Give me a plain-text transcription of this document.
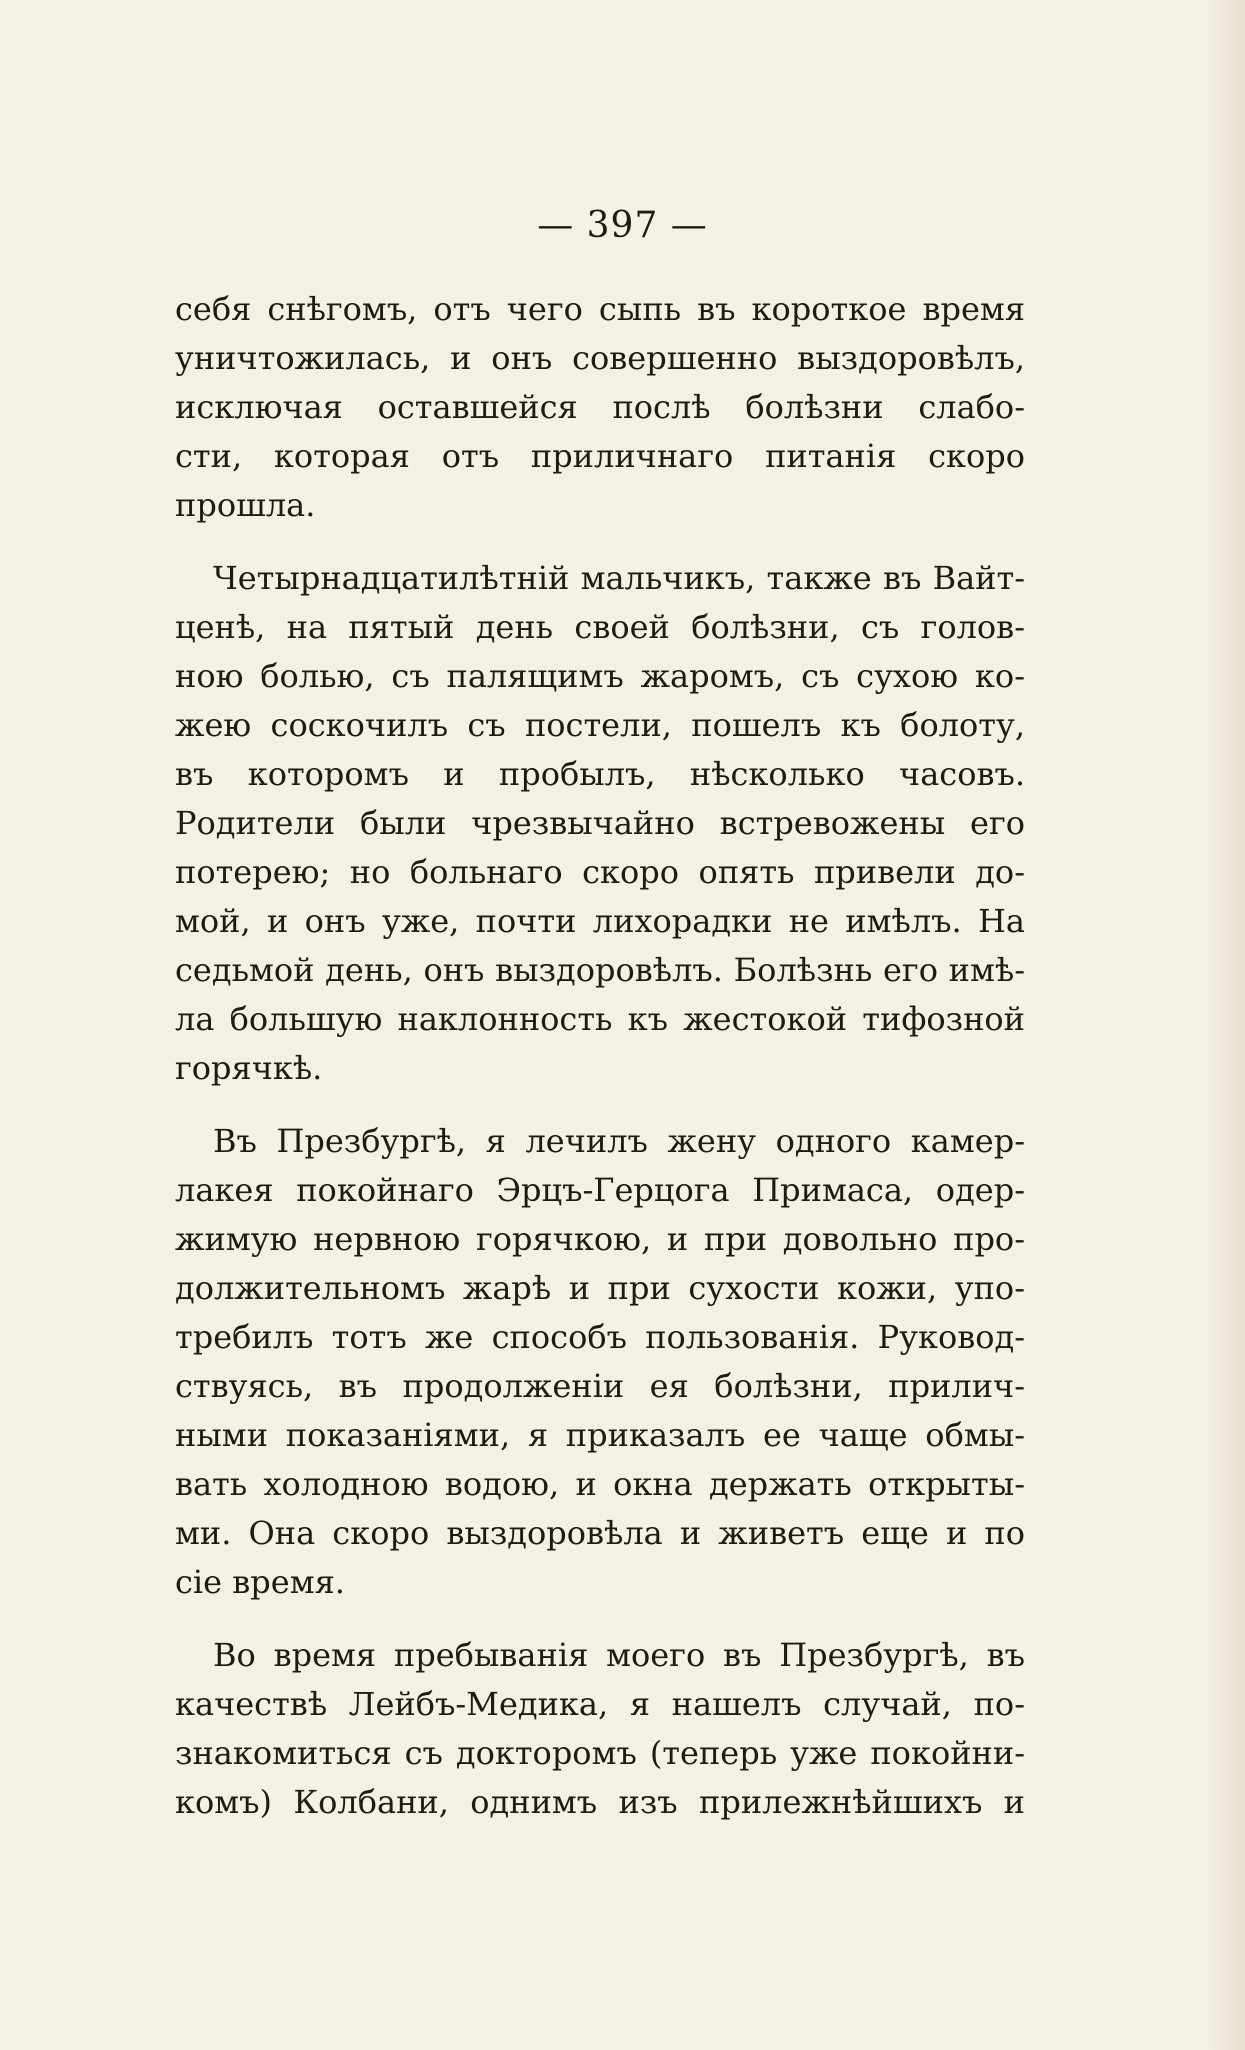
— 397 —
себя снѣгомъ, отъ чего сыпь въ короткое время
уничтожилась, и онъ совершенно выздоровѣлъ,
исключая оставшейся послѣ болѣзни слабо-
сти, которая отъ приличнаго питанія скоро
прошла.
Четырнадцатилѣтній мальчикъ, также въ Вайт-
ценѣ, на пятый день своей болѣзни, съ голов-
ною болью, съ палящимъ жаромъ, съ сухою ко-
жею соскочилъ съ постели, пошелъ къ болоту,
въ которомъ и пробылъ, нѣсколько часовъ.
Родители были чрезвычайно встревожены его
потерею; но больнаго скоро опять привели до-
мой, и онъ уже, почти лихорадки не имѣлъ. На
седьмой день, онъ выздоровѣлъ. Болѣзнь его имѣ-
ла большую наклонность къ жестокой тифозной
горячкѣ.
Въ Презбургѣ, я лечилъ жену одного камер-
лакея покойнаго Эрцъ-Герцога Примаса, одер-
жимую нервною горячкою, и при довольно про-
должительномъ жарѣ и при сухости кожи, упо-
требилъ тотъ же способъ пользованія. Руковод-
ствуясь, въ продолженіи ея болѣзни, прилич-
ными показаніями, я приказалъ ее чаще обмы-
вать холодною водою, и окна держать открыты-
ми. Она скоро выздоровѣла и живетъ еще и по
сіе время.
Во время пребыванія моего въ Презбургѣ, въ
качествѣ Лейбъ-Медика, я нашелъ случай, по-
знакомиться съ докторомъ (теперь уже покойни-
комъ) Колбани, однимъ изъ прилежнѣйшихъ и
